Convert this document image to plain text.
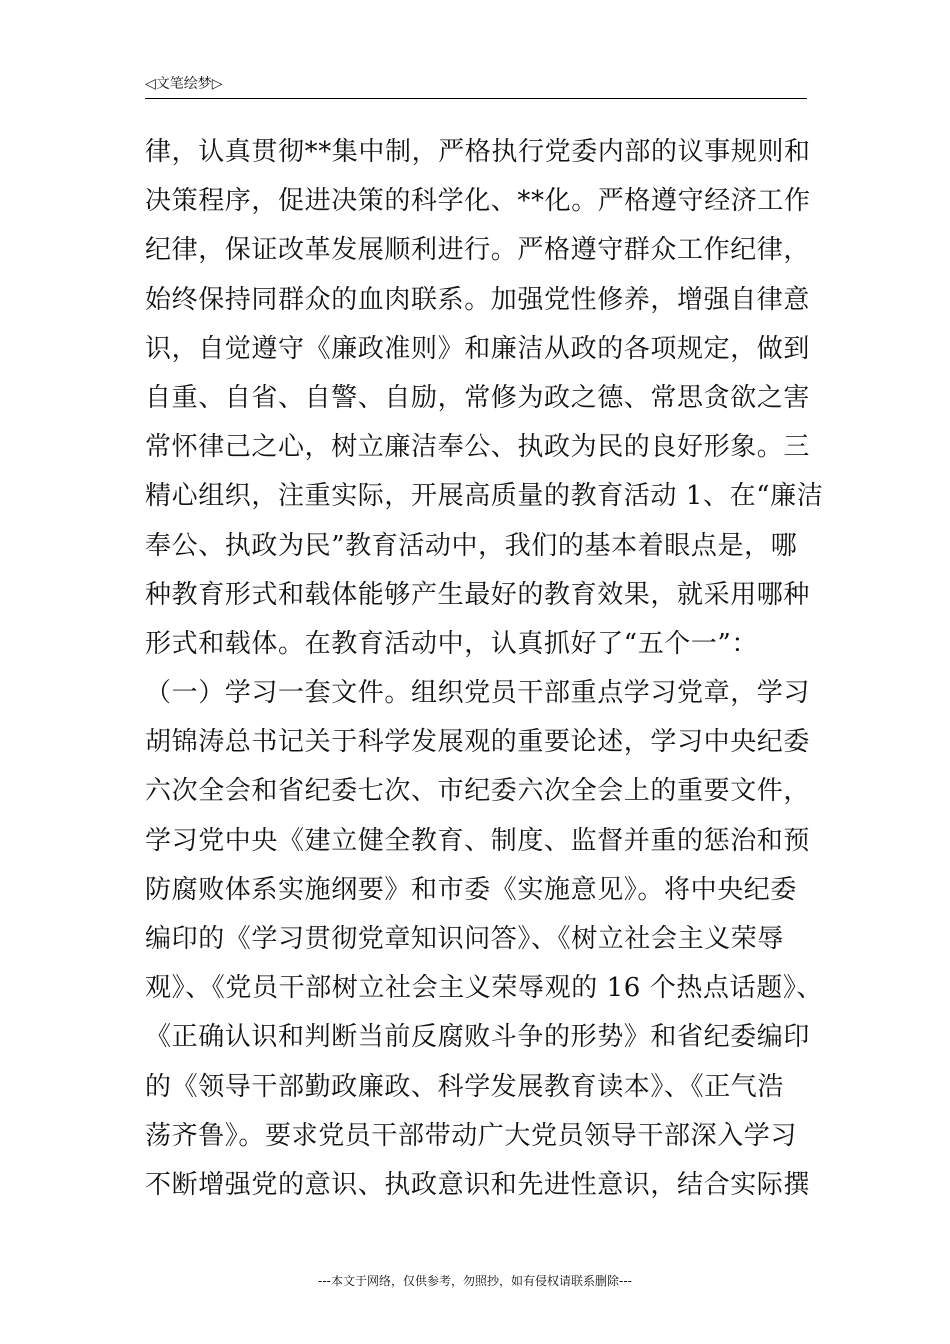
◁文笔绘梦▷
律，认真贯彻**集中制，严格执行党委内部的议事规则和
决策程序，促进决策的科学化、**化。严格遵守经济工作
纪律，保证改革发展顺利进行。严格遵守群众工作纪律，
始终保持同群众的血肉联系。加强党性修养，增强自律意
识，自觉遵守《廉政准则》和廉洁从政的各项规定，做到
自重、自省、自警、自励，常修为政之德、常思贪欲之害
常怀律己之心，树立廉洁奉公、执政为民的良好形象。三
精心组织，注重实际，开展高质量的教育活动 1、在“廉洁
奉公、执政为民”教育活动中，我们的基本着眼点是，哪
种教育形式和载体能够产生最好的教育效果，就采用哪种
形式和载体。在教育活动中，认真抓好了“五个一”：
（一）学习一套文件。组织党员干部重点学习党章，学习
胡锦涛总书记关于科学发展观的重要论述，学习中央纪委
六次全会和省纪委七次、市纪委六次全会上的重要文件，
学习党中央《建立健全教育、制度、监督并重的惩治和预
防腐败体系实施纲要》和市委《实施意见》。将中央纪委
编印的《学习贯彻党章知识问答》、《树立社会主义荣辱
观》、《党员干部树立社会主义荣辱观的 16 个热点话题》、
《正确认识和判断当前反腐败斗争的形势》和省纪委编印
的《领导干部勤政廉政、科学发展教育读本》、《正气浩
荡齐鲁》。要求党员干部带动广大党员领导干部深入学习
不断增强党的意识、执政意识和先进性意识，结合实际撰
---本文于网络，仅供参考，勿照抄，如有侵权请联系删除---
